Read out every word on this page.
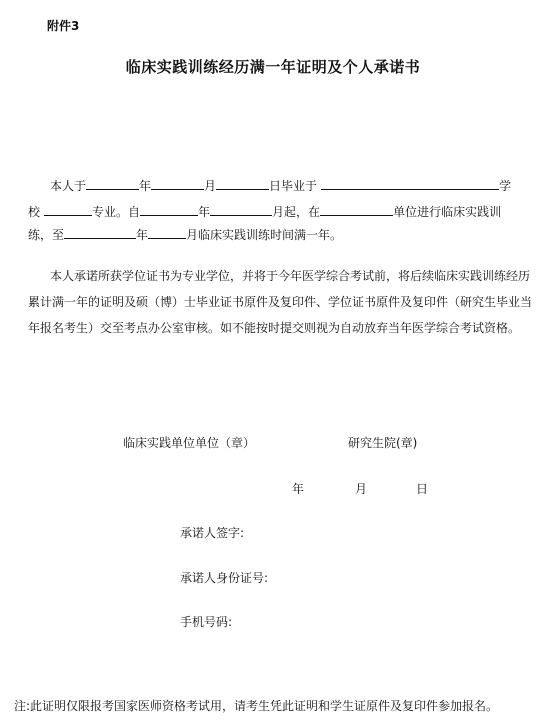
附件3
临床实践训练经历满一年证明及个人承诺书
本人于	年	月	日毕业于	学
校	专业。自	年	月起，在	单位进行临床实践训
练，至	年	月临床实践训练时间满一年。
本人承诺所获学位证书为专业学位，并将于今年医学综合考试前，将后续临床实践训练经历累计满一年的证明及硕（博）士毕业证书原件及复印件、学位证书原件及复印件（研究生毕业当年报名考生）交至考点办公室审核。如不能按时提交则视为自动放弃当年医学综合考试资格。
临床实践单位单位（章）	研究生院(章)
年	月	日
承诺人签字:
承诺人身份证号:
手机号码:
注:此证明仅限报考国家医师资格考试用，请考生凭此证明和学生证原件及复印件参加报名。
